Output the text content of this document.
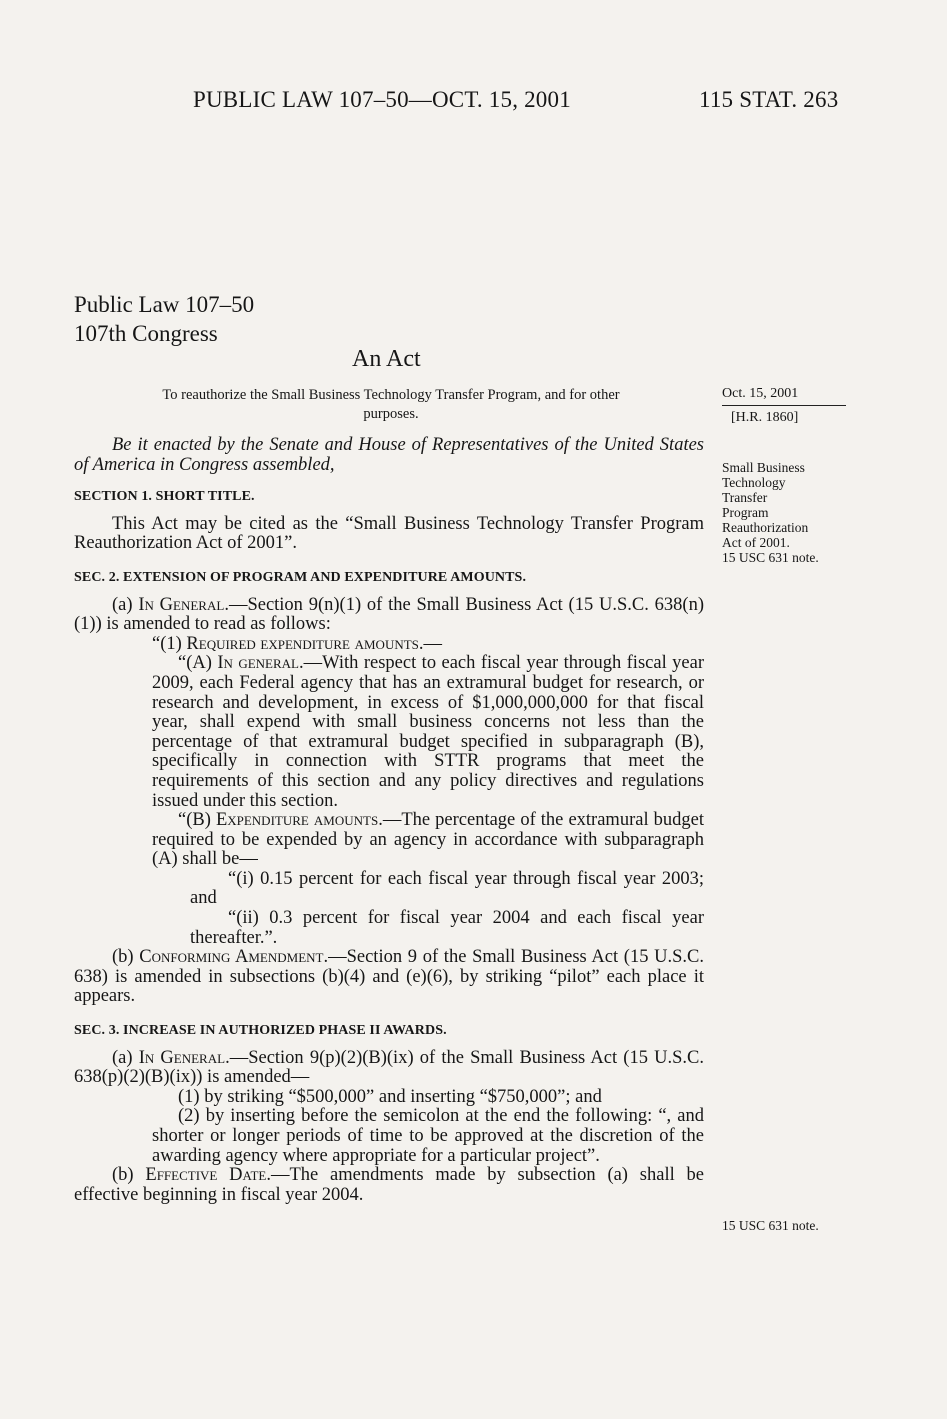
PUBLIC LAW 107–50—OCT. 15, 2001	115 STAT. 263
Public Law 107–50
107th Congress
An Act
To reauthorize the Small Business Technology Transfer Program, and for other
purposes.
Oct. 15, 2001
[H.R. 1860]
Small Business
Technology
Transfer
Program
Reauthorization
Act of 2001.
15 USC 631 note.
15 USC 631 note.

Be it enacted by the Senate and House of Representatives of the United States of America in Congress assembled,

SECTION 1. SHORT TITLE.

This Act may be cited as the “Small Business Technology Transfer Program Reauthorization Act of 2001”.

SEC. 2. EXTENSION OF PROGRAM AND EXPENDITURE AMOUNTS.

(a) In General.—Section 9(n)(1) of the Small Business Act (15 U.S.C. 638(n)(1)) is amended to read as follows:

“(1) Required expenditure amounts.—

“(A) In general.—With respect to each fiscal year through fiscal year 2009, each Federal agency that has an extramural budget for research, or research and development, in excess of $1,000,000,000 for that fiscal year, shall expend with small business concerns not less than the percentage of that extramural budget specified in subparagraph (B), specifically in connection with STTR programs that meet the requirements of this section and any policy directives and regulations issued under this section.

“(B) Expenditure amounts.—The percentage of the extramural budget required to be expended by an agency in accordance with subparagraph (A) shall be—

“(i) 0.15 percent for each fiscal year through fiscal year 2003; and

“(ii) 0.3 percent for fiscal year 2004 and each fiscal year thereafter.”.

(b) Conforming Amendment.—Section 9 of the Small Business Act (15 U.S.C. 638) is amended in subsections (b)(4) and (e)(6), by striking “pilot” each place it appears.

SEC. 3. INCREASE IN AUTHORIZED PHASE II AWARDS.

(a) In General.—Section 9(p)(2)(B)(ix) of the Small Business Act (15 U.S.C. 638(p)(2)(B)(ix)) is amended—

(1) by striking “$500,000” and inserting “$750,000”; and

(2) by inserting before the semicolon at the end the following: “, and shorter or longer periods of time to be approved at the discretion of the awarding agency where appropriate for a particular project”.

(b) Effective Date.—The amendments made by subsection (a) shall be effective beginning in fiscal year 2004.
